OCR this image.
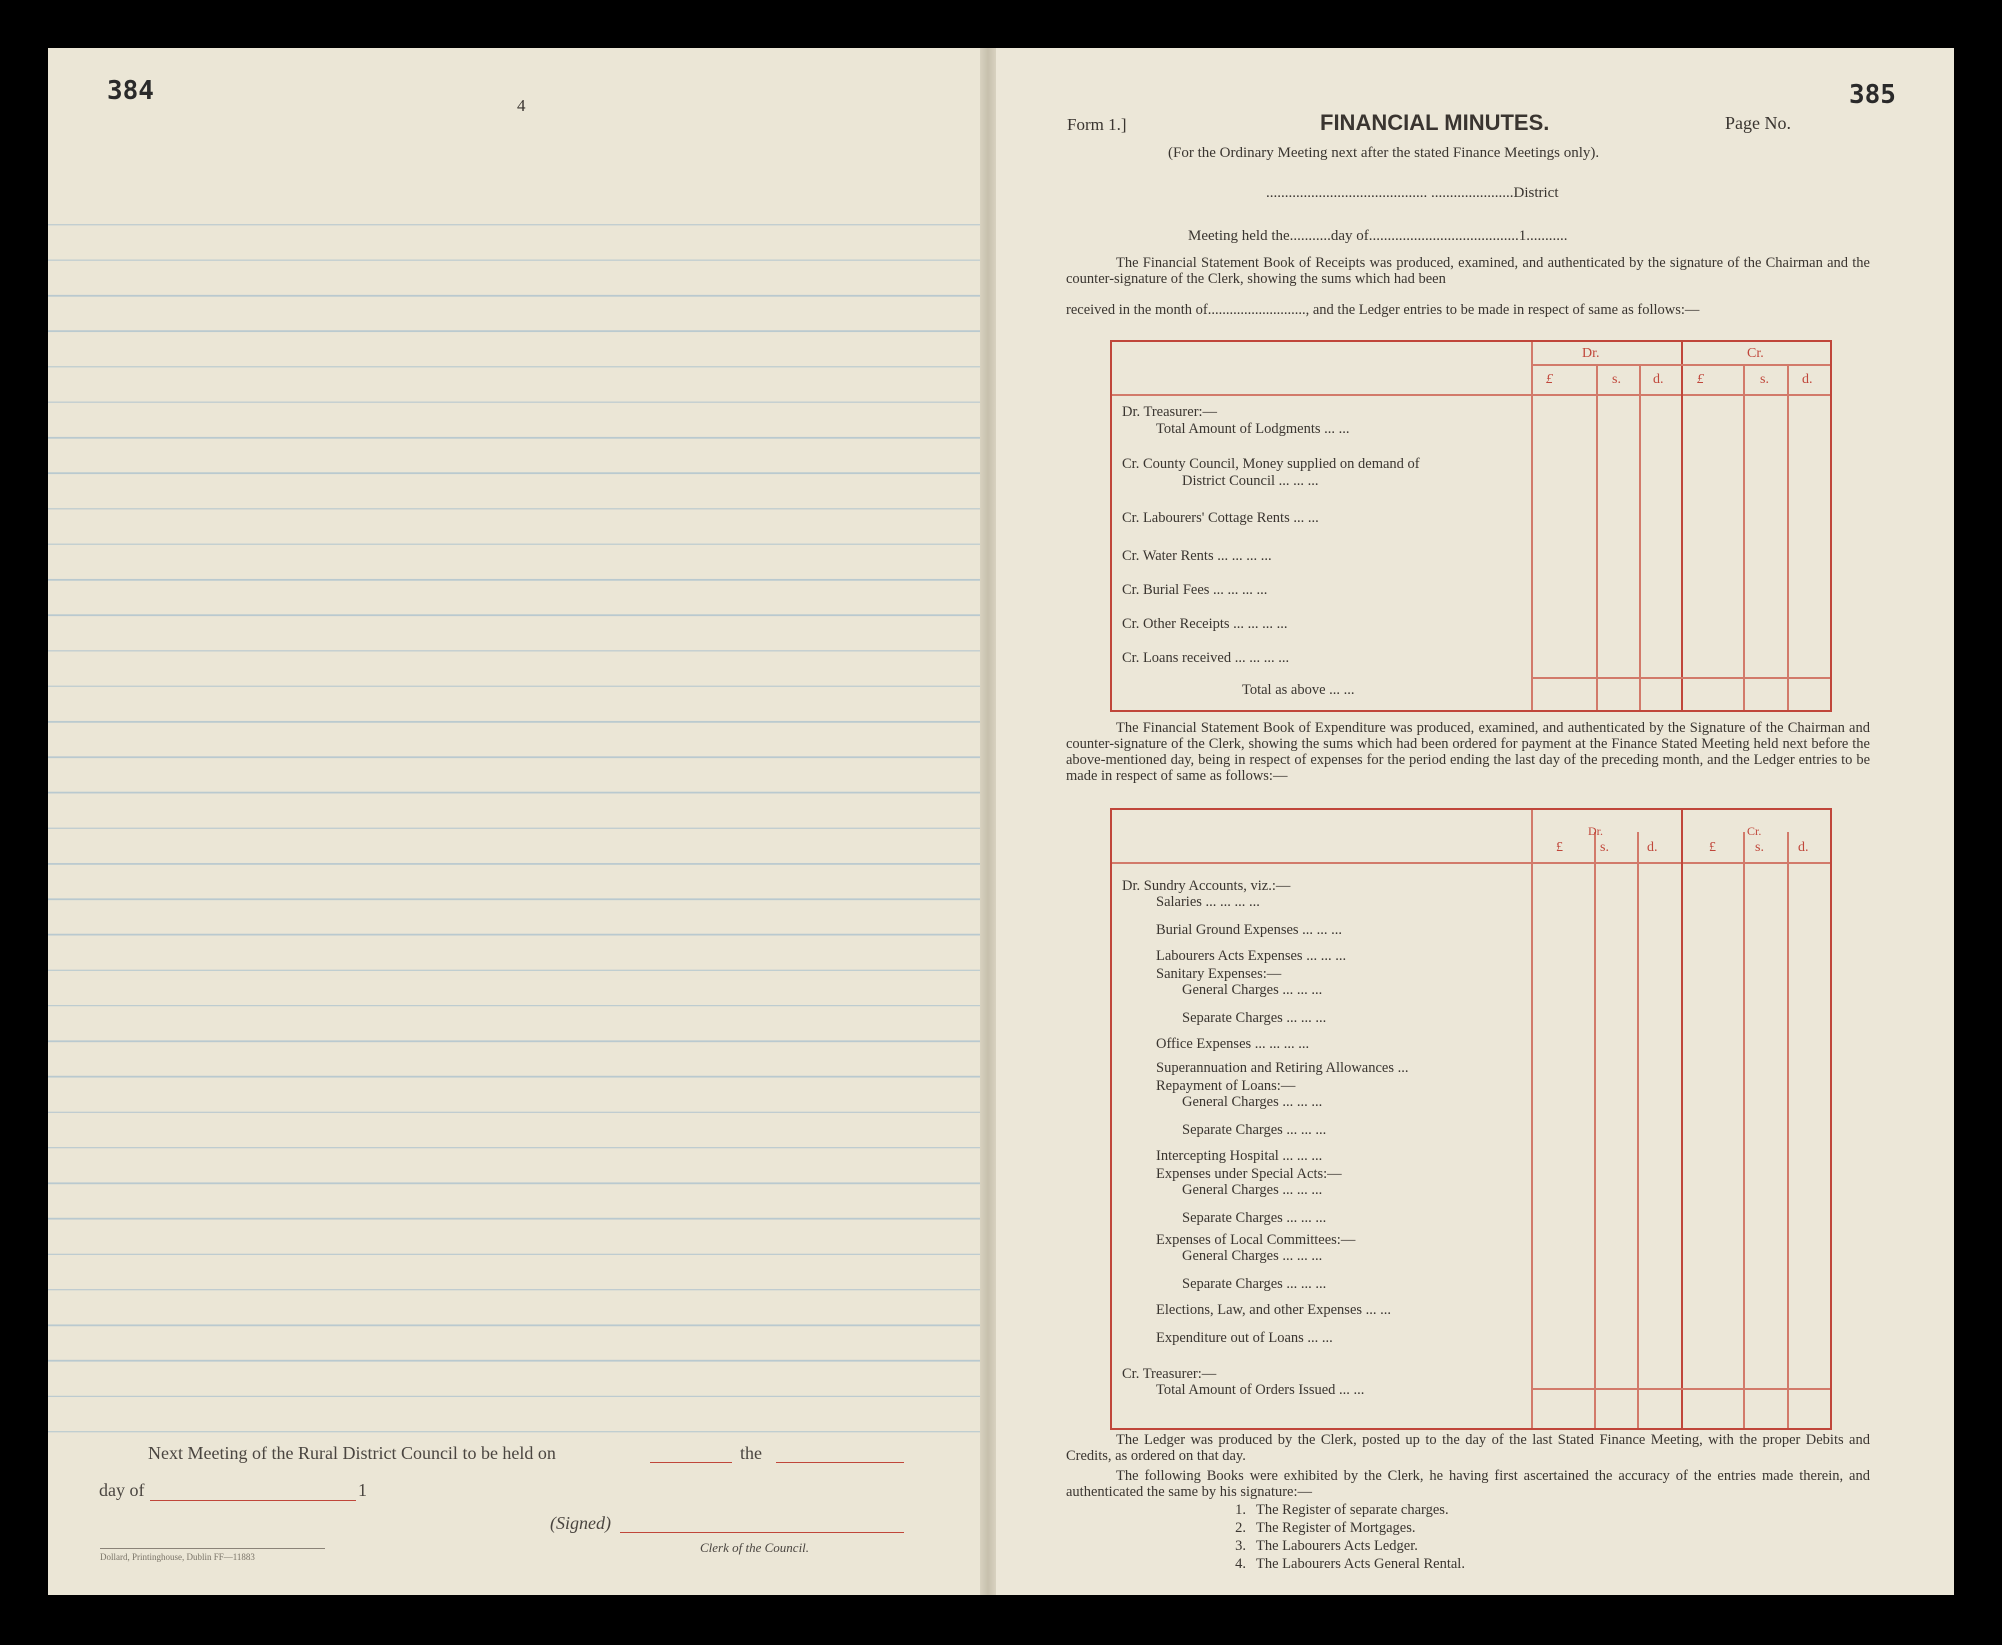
384	4
Next Meeting of the Rural District Council to be held on	the
day of	1
(Signed)
Clerk of the Council.
Dollard, Printinghouse, Dublin FF—11883
385
Form 1.]	FINANCIAL MINUTES.	Page No.
(For the Ordinary Meeting next after the stated Finance Meetings only).
........................................... ......................District
Meeting held the...........day of........................................1...........
The Financial Statement Book of Receipts was produced, examined, and authenticated by the signature of the Chairman and the counter-signature of the Clerk, showing the sums which had been
received in the month of..........................., and the Ledger entries to be made in respect of same as follows:—
Dr.	Cr.
£	s. d. £	s. d.
Dr. Treasurer:—
Total Amount of Lodgments ... ...
Cr. County Council, Money supplied on demand of
District Council ... ... ...
Cr. Labourers' Cottage Rents ... ...
Cr. Water Rents ... ... ... ...
Cr. Burial Fees ... ... ... ...
Cr. Other Receipts ... ... ... ...
Cr. Loans received ... ... ... ...
Total as above ... ...
The Financial Statement Book of Expenditure was produced, examined, and authenticated by the Signature of the Chairman and counter-signature of the Clerk, showing the sums which had been ordered for payment at the Finance Stated Meeting held next before the above-mentioned day, being in respect of expenses for the period ending the last day of the preceding month, and the Ledger entries to be made in respect of same as follows:—
Dr.	Cr.
£	s.	d.	£	s. d.
Dr. Sundry Accounts, viz.:—
Salaries ... ... ... ...
Burial Ground Expenses ... ... ...
Labourers Acts Expenses ... ... ...
Sanitary Expenses:—
General Charges ... ... ...
Separate Charges ... ... ...
Office Expenses ... ... ... ...
Superannuation and Retiring Allowances ...
Repayment of Loans:—
General Charges ... ... ...
Separate Charges ... ... ...
Intercepting Hospital ... ... ...
Expenses under Special Acts:—
General Charges ... ... ...
Separate Charges ... ... ...
Expenses of Local Committees:—
General Charges ... ... ...
Separate Charges ... ... ...
Elections, Law, and other Expenses ... ...
Expenditure out of Loans ... ...
Cr. Treasurer:—
Total Amount of Orders Issued ... ...
The Ledger was produced by the Clerk, posted up to the day of the last Stated Finance Meeting, with the proper Debits and Credits, as ordered on that day.
The following Books were exhibited by the Clerk, he having first ascertained the accuracy of the entries made therein, and authenticated the same by his signature:—
1. The Register of separate charges.
2. The Register of Mortgages.
3. The Labourers Acts Ledger.
4. The Labourers Acts General Rental.
